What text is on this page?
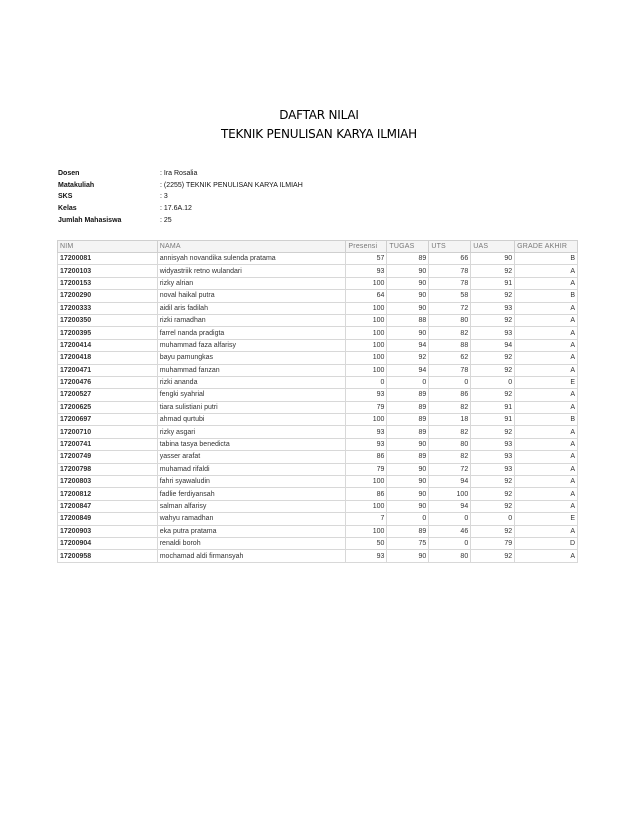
DAFTAR NILAI
TEKNIK PENULISAN KARYA ILMIAH
Dosen	: Ira Rosalia
Matakuliah	: (2255) TEKNIK PENULISAN KARYA ILMIAH
SKS	: 3
Kelas	: 17.6A.12
Jumlah Mahasiswa	: 25
NIM	NAMA	Presensi	TUGAS	UTS	UAS	GRADE AKHIR
17200081	annisyah novandika sulenda pratama	57	89	66	90	B
17200103	widyastriik retno wulandari	93	90	78	92	A
17200153	rizky alrian	100	90	78	91	A
17200290	noval haikal putra	64	90	58	92	B
17200333	aidil aris fadilah	100	90	72	93	A
17200350	rizki ramadhan	100	88	80	92	A
17200395	farrel nanda pradigta	100	90	82	93	A
17200414	muhammad faza alfarisy	100	94	88	94	A
17200418	bayu pamungkas	100	92	62	92	A
17200471	muhammad fanzan	100	94	78	92	A
17200476	rizki ananda	0	0	0	0	E
17200527	fengki syahrial	93	89	86	92	A
17200625	tiara sulistiani putri	79	89	82	91	A
17200697	ahmad qurtubi	100	89	18	91	B
17200710	rizky asgari	93	89	82	92	A
17200741	tabina tasya benedicta	93	90	80	93	A
17200749	yasser arafat	86	89	82	93	A
17200798	muhamad rifaldi	79	90	72	93	A
17200803	fahri syawaludin	100	90	94	92	A
17200812	fadlie ferdiyansah	86	90	100	92	A
17200847	salman alfarisy	100	90	94	92	A
17200849	wahyu ramadhan	7	0	0	0	E
17200903	eka putra pratama	100	89	46	92	A
17200904	renaldi boroh	50	75	0	79	D
17200958	mochamad aldi firmansyah	93	90	80	92	A
